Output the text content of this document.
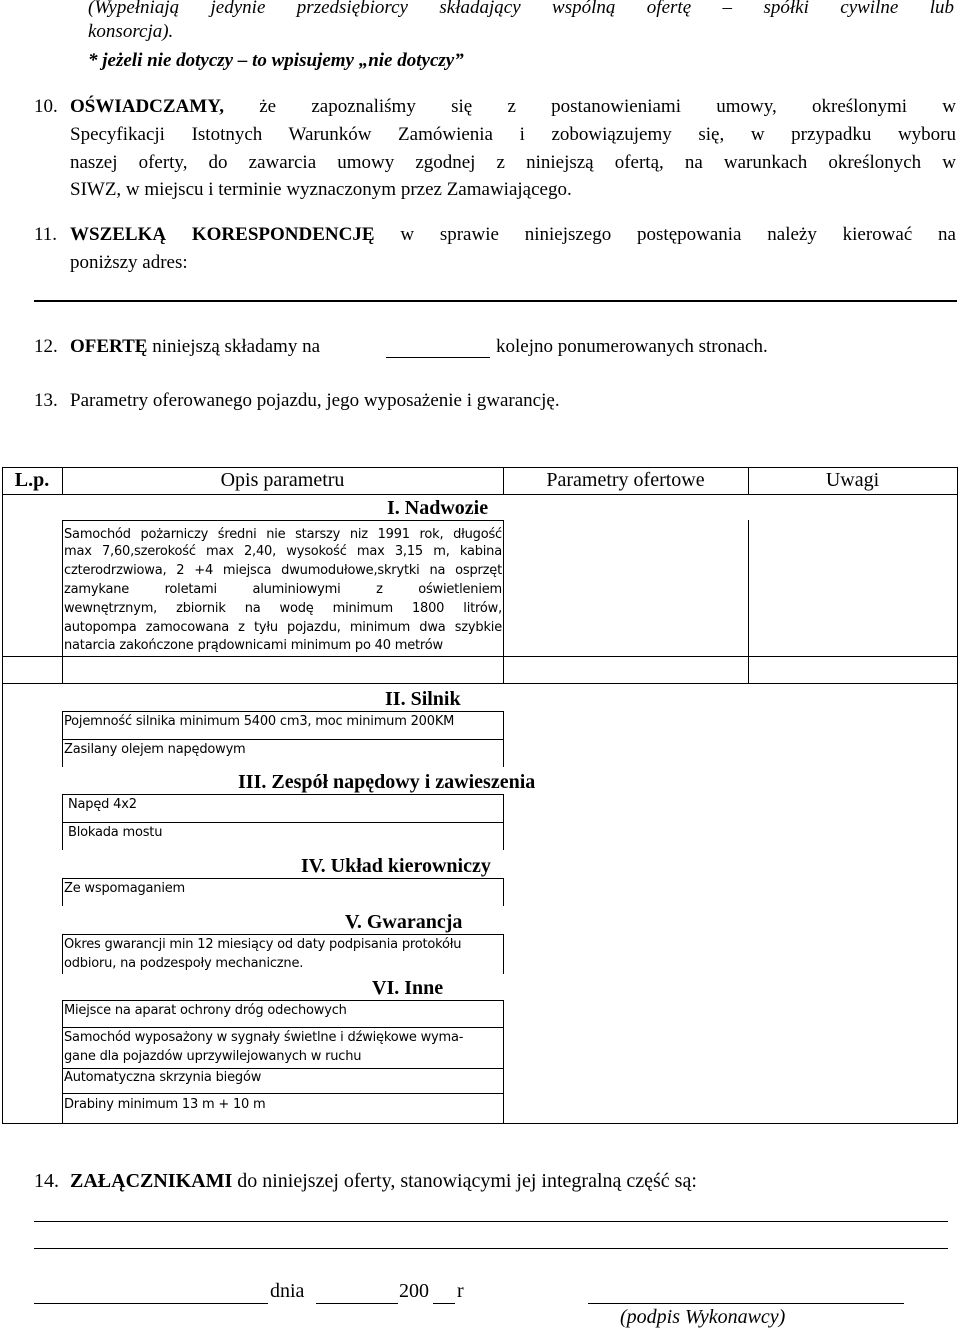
(Wypełniają jedynie przedsiębiorcy składający wspólną ofertę – spółki cywilne lub
konsorcja).
* jeżeli nie dotyczy – to wpisujemy „nie dotyczy”
10. OŚWIADCZAMY, że zapoznaliśmy się z postanowieniami umowy, określonymi w
Specyfikacji Istotnych Warunków Zamówienia i zobowiązujemy się, w przypadku wyboru
naszej oferty, do zawarcia umowy zgodnej z niniejszą ofertą, na warunkach określonych w
SIWZ, w miejscu i terminie wyznaczonym przez Zamawiającego.
11. WSZELKĄ KORESPONDENCJĘ w sprawie niniejszego postępowania należy kierować na
poniższy adres:
12. OFERTĘ niniejszą składamy na	kolejno ponumerowanych stronach.
13. Parametry oferowanego pojazdu, jego wyposażenie i gwarancję.
L.p.	Opis parametru	Parametry ofertowe	Uwagi
I. Nadwozie
Samochód pożarniczy średni nie starszy niz 1991 rok, długość
max 7,60,szerokość max 2,40, wysokość max 3,15 m, kabina
czterodrzwiowa, 2 +4 miejsca dwumodułowe,skrytki na osprzęt
zamykane roletami aluminiowymi z oświetleniem
wewnętrznym, zbiornik na wodę minimum 1800 litrów,
autopompa zamocowana z tyłu pojazdu, minimum dwa szybkie
natarcia zakończone prądownicami minimum po 40 metrów
II. Silnik
Pojemność silnika minimum 5400 cm3, moc minimum 200KM
Zasilany olejem napędowym
III. Zespół napędowy i zawieszenia
Napęd 4x2
Blokada mostu
IV. Układ kierowniczy
Ze wspomaganiem
V. Gwarancja
Okres gwarancji min 12 miesiący od daty podpisania protokółu
odbioru, na podzespoły mechaniczne.
VI. Inne
Miejsce na aparat ochrony dróg odechowych
Samochód wyposażony w sygnały świetlne i dźwiękowe wyma-
gane dla pojazdów uprzywilejowanych w ruchu
Automatyczna skrzynia biegów
Drabiny minimum 13 m + 10 m
14. ZAŁĄCZNIKAMI do niniejszej oferty, stanowiącymi jej integralną część są:
dnia	200 r
(podpis Wykonawcy)
